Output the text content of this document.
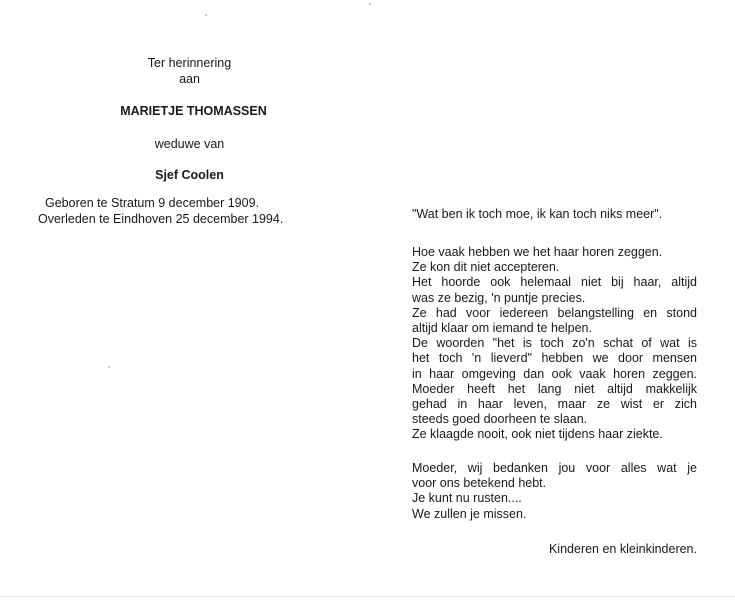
Ter herinnering
aan
MARIETJE THOMASSEN
weduwe van
Sjef Coolen
Geboren te Stratum 9 december 1909.
Overleden te Eindhoven 25 december 1994.	"Wat ben ik toch moe, ik kan toch niks meer".
Hoe vaak hebben we het haar horen zeggen.
Ze kon dit niet accepteren.
Het hoorde ook helemaal niet bij haar, altijd
was ze bezig, 'n puntje precies.
Ze had voor iedereen belangstelling en stond
altijd klaar om iemand te helpen.
De woorden "het is toch zo'n schat of wat is
het toch 'n lieverd" hebben we door mensen
in haar omgeving dan ook vaak horen zeggen.
Moeder heeft het lang niet altijd makkelijk
gehad in haar leven, maar ze wist er zich
steeds goed doorheen te slaan.
Ze klaagde nooit, ook niet tijdens haar ziekte.
Moeder, wij bedanken jou voor alles wat je
voor ons betekend hebt.
Je kunt nu rusten....
We zullen je missen.
Kinderen en kleinkinderen.
